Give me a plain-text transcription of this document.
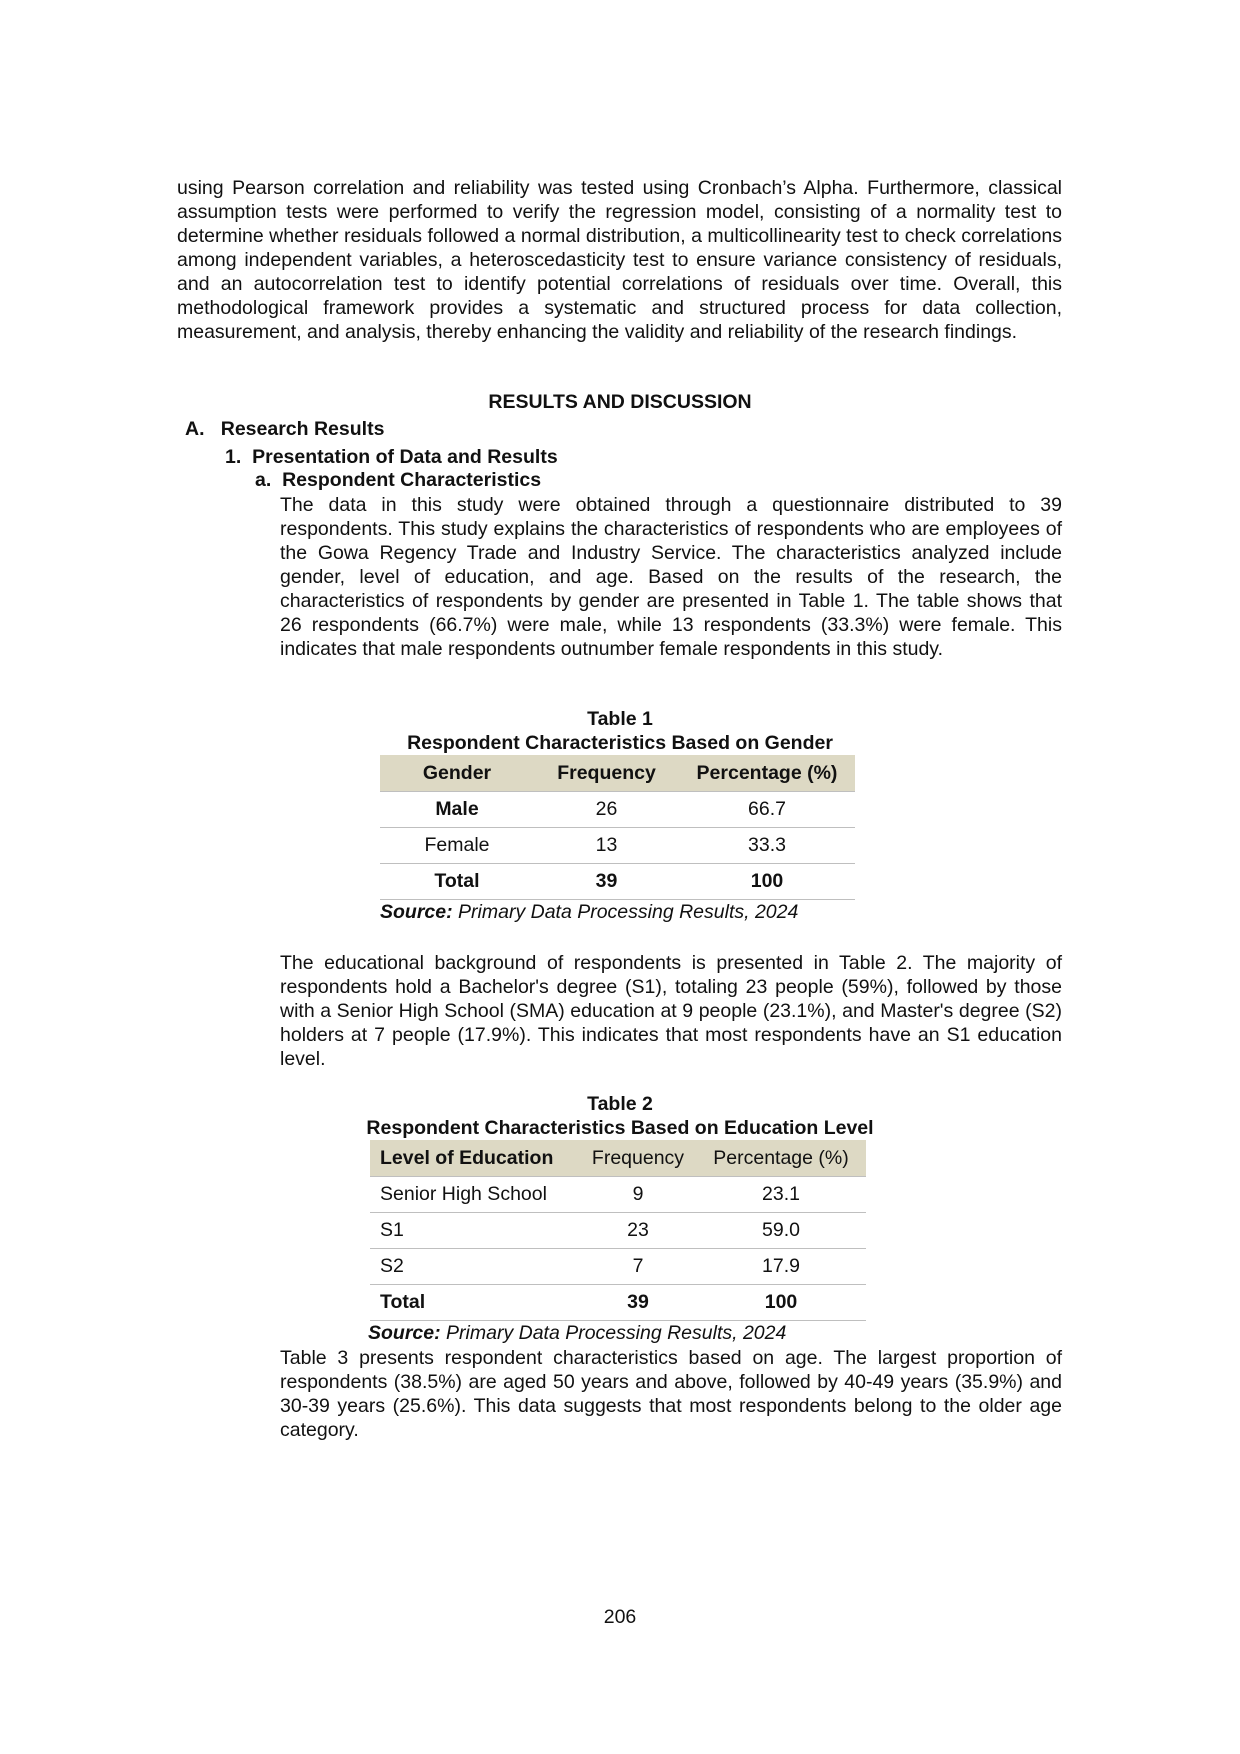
using Pearson correlation and reliability was tested using Cronbach’s Alpha. Furthermore, classical assumption tests were performed to verify the regression model, consisting of a normality test to determine whether residuals followed a normal distribution, a multicollinearity test to check correlations among independent variables, a heteroscedasticity test to ensure variance consistency of residuals, and an autocorrelation test to identify potential correlations of residuals over time. Overall, this methodological framework provides a systematic and structured process for data collection, measurement, and analysis, thereby enhancing the validity and reliability of the research findings.

RESULTS AND DISCUSSION
A.   Research Results
1.  Presentation of Data and Results
a.  Respondent Characteristics

The data in this study were obtained through a questionnaire distributed to 39 respondents. This study explains the characteristics of respondents who are employees of the Gowa Regency Trade and Industry Service. The characteristics analyzed include gender, level of education, and age. Based on the results of the research, the characteristics of respondents by gender are presented in Table 1. The table shows that 26 respondents (66.7%) were male, while 13 respondents (33.3%) were female. This indicates that male respondents outnumber female respondents in this study.

Table 1
Respondent Characteristics Based on Gender
Gender	Frequency	Percentage (%)
Male	26	66.7
Female	13	33.3
Total	39	100
Source: Primary Data Processing Results, 2024

The educational background of respondents is presented in Table 2. The majority of respondents hold a Bachelor's degree (S1), totaling 23 people (59%), followed by those with a Senior High School (SMA) education at 9 people (23.1%), and Master's degree (S2) holders at 7 people (17.9%). This indicates that most respondents have an S1 education level.

Table 2
Respondent Characteristics Based on Education Level
Level of Education	Frequency	Percentage (%)
Senior High School	9	23.1
S1	23	59.0
S2	7	17.9
Total	39	100
Source: Primary Data Processing Results, 2024

Table 3 presents respondent characteristics based on age. The largest proportion of respondents (38.5%) are aged 50 years and above, followed by 40-49 years (35.9%) and 30-39 years (25.6%). This data suggests that most respondents belong to the older age category.

206
